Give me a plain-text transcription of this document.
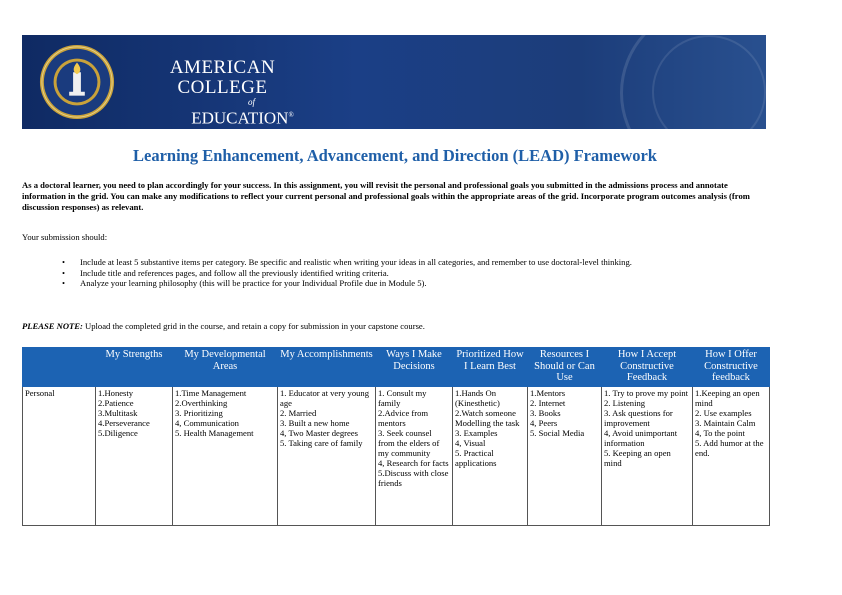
AMERICAN COLLEGE
of
EDUCATION®
Learning Enhancement, Advancement, and Direction (LEAD) Framework
As a doctoral learner, you need to plan accordingly for your success. In this assignment, you will revisit the personal and professional goals you submitted in the admissions process and annotate information in the grid. You can make any modifications to reflect your current personal and professional goals within the appropriate areas of the grid. Incorporate program outcomes analysis (from discussion responses) as relevant.
Your submission should:
• Include at least 5 substantive items per category. Be specific and realistic when writing your ideas in all categories, and remember to use doctoral-level thinking.
• Include title and references pages, and follow all the previously identified writing criteria.
• Analyze your learning philosophy (this will be practice for your Individual Profile due in Module 5).
PLEASE NOTE: Upload the completed grid in the course, and retain a copy for submission in your capstone course.
	My Strengths	My Developmental Areas	My Accomplishments	Ways I Make Decisions	Prioritized How I Learn Best	Resources I Should or Can Use	How I Accept Constructive Feedback	How I Offer Constructive feedback
Personal	1.Honesty
2.Patience
3.Multitask
4.Perseverance
5.Diligence	1.Time Management
2.Overthinking
3. Prioritizing
4, Communication
5. Health Management	1. Educator at very young age
2. Married
3. Built a new home
4, Two Master degrees
5. Taking care of family	1. Consult my family
2.Advice from mentors
3. Seek counsel from the elders of my community
4, Research for facts
5.Discuss with close friends	1.Hands On (Kinesthetic)
2.Watch someone Modelling the task
3. Examples
4, Visual
5. Practical applications	1.Mentors
2. Internet
3. Books
4, Peers
5. Social Media	1. Try to prove my point
2. Listening
3. Ask questions for improvement
4, Avoid unimportant information
5. Keeping an open mind	1.Keeping an open mind
2. Use examples
3. Maintain Calm
4, To the point
5. Add humor at the end.
